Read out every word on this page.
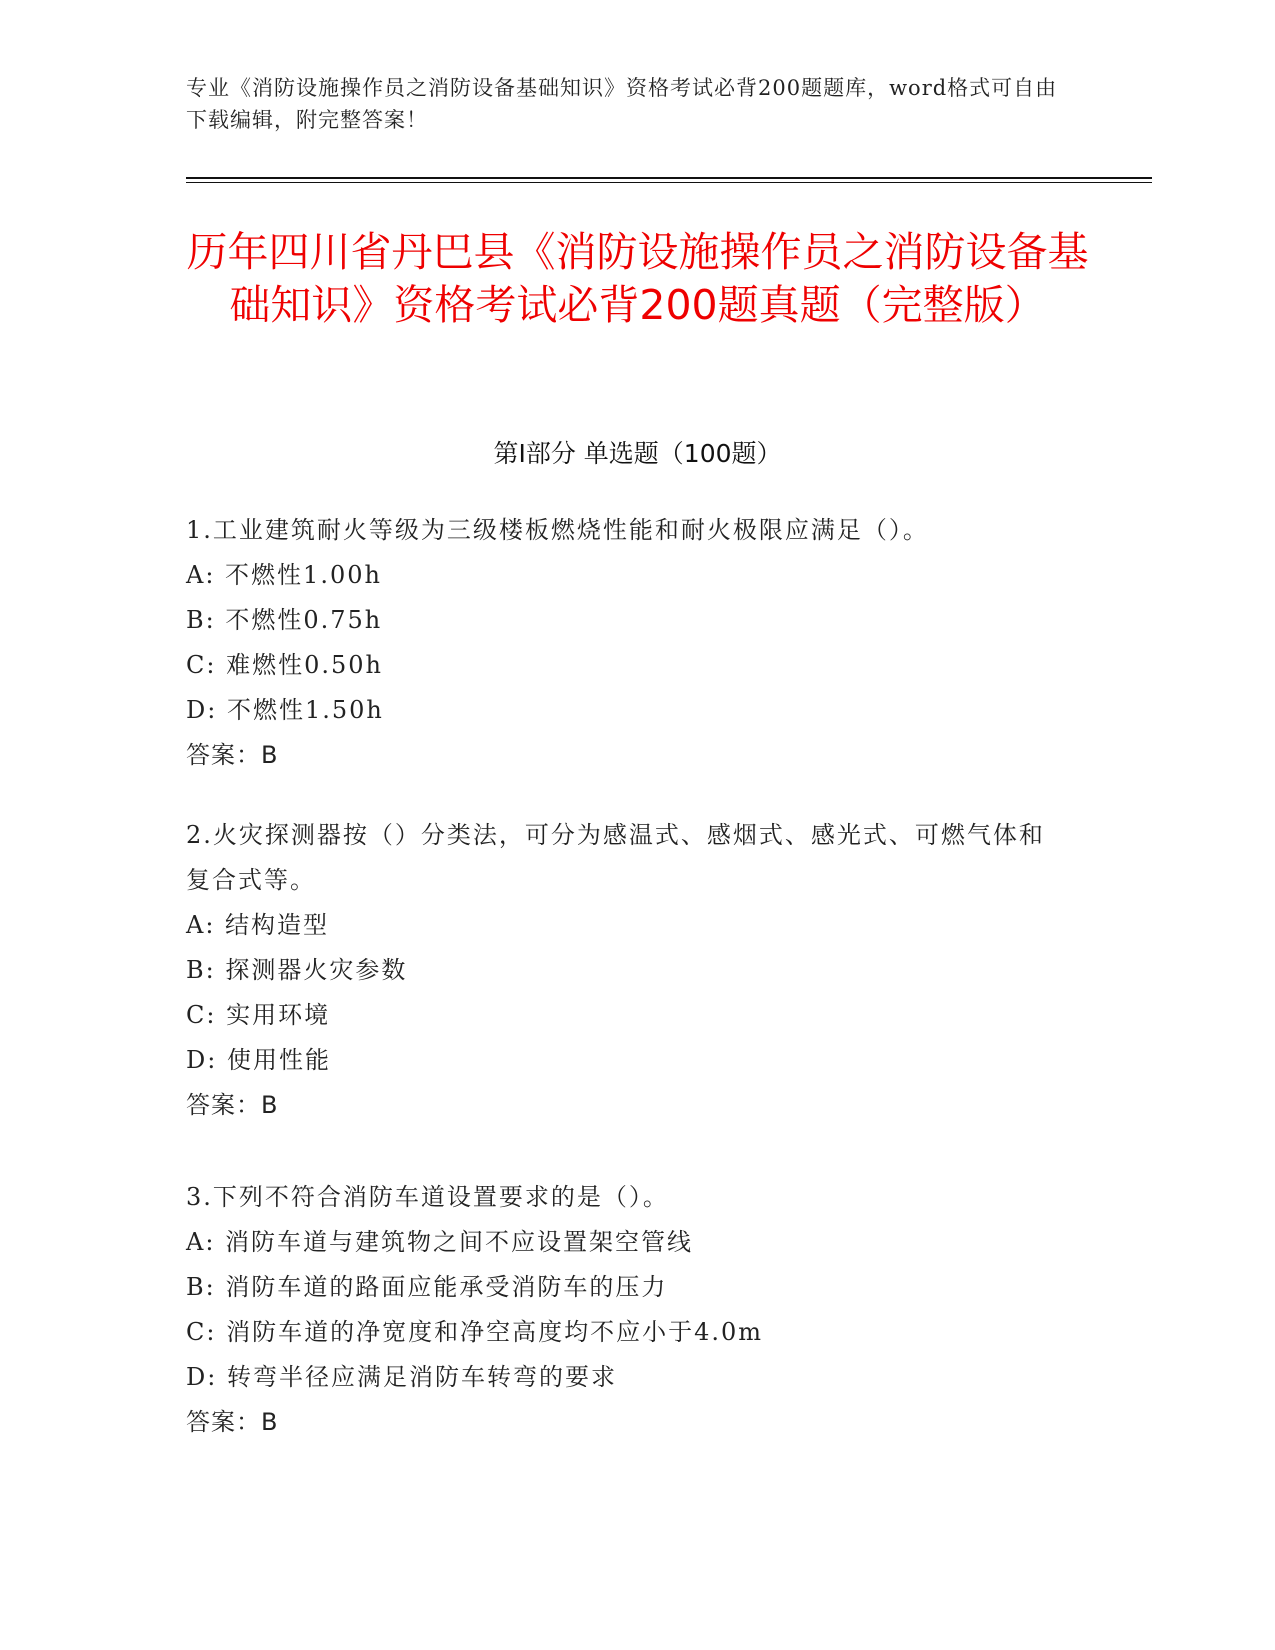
专业《消防设施操作员之消防设备基础知识》资格考试必背200题题库，word格式可自由下载编辑，附完整答案！
历年四川省丹巴县《消防设施操作员之消防设备基础知识》资格考试必背200题真题（完整版）
第I部分 单选题（100题）
1.工业建筑耐火等级为三级楼板燃烧性能和耐火极限应满足（）。
A: 不燃性1.00h
B: 不燃性0.75h
C: 难燃性0.50h
D: 不燃性1.50h
答案：B
2.火灾探测器按（）分类法，可分为感温式、感烟式、感光式、可燃气体和复合式等。
A: 结构造型
B: 探测器火灾参数
C: 实用环境
D: 使用性能
答案：B
3.下列不符合消防车道设置要求的是（）。
A: 消防车道与建筑物之间不应设置架空管线
B: 消防车道的路面应能承受消防车的压力
C: 消防车道的净宽度和净空高度均不应小于4.0m
D: 转弯半径应满足消防车转弯的要求
答案：B
